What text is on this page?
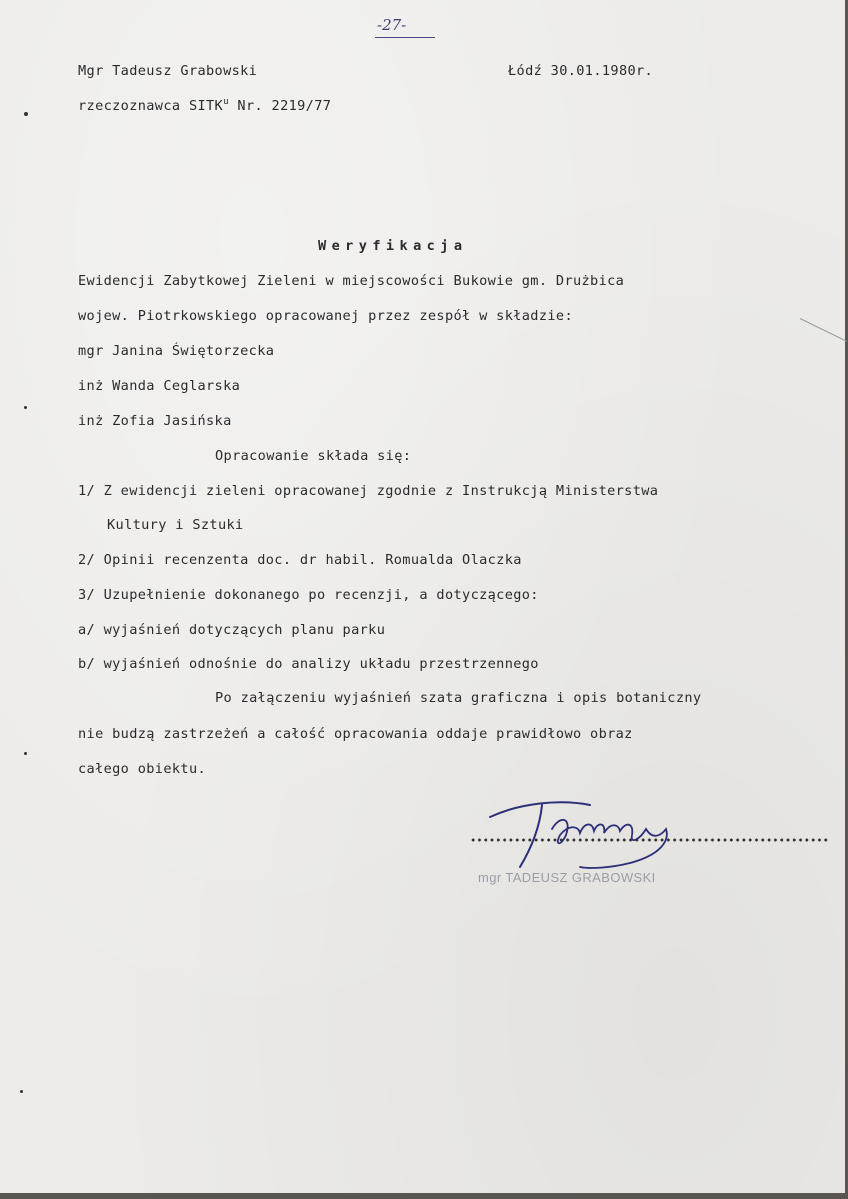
-27-
Mgr Tadeusz Grabowski	Łódź 30.01.1980r.
rzeczoznawca SITK$^u$ Nr. 2219/77
Weryfikacja
Ewidencji Zabytkowej Zieleni w miejscowości Bukowie gm. Drużbica
wojew. Piotrkowskiego opracowanej przez zespół w składzie:
mgr Janina Świętorzecka
inż Wanda Ceglarska
inż Zofia Jasińska
Opracowanie składa się:
1/ Z ewidencji zieleni opracowanej zgodnie z Instrukcją Ministerstwa
Kultury i Sztuki
2/ Opinii recenzenta doc. dr habil. Romualda Olaczka
3/ Uzupełnienie dokonanego po recenzji, a dotyczącego:
a/ wyjaśnień dotyczących planu parku
b/ wyjaśnień odnośnie do analizy układu przestrzennego
Po załączeniu wyjaśnień szata graficzna i opis botaniczny
nie budzą zastrzeżeń a całość opracowania oddaje prawidłowo obraz
całego obiektu.
mgr TADEUSZ GRABOWSKI
